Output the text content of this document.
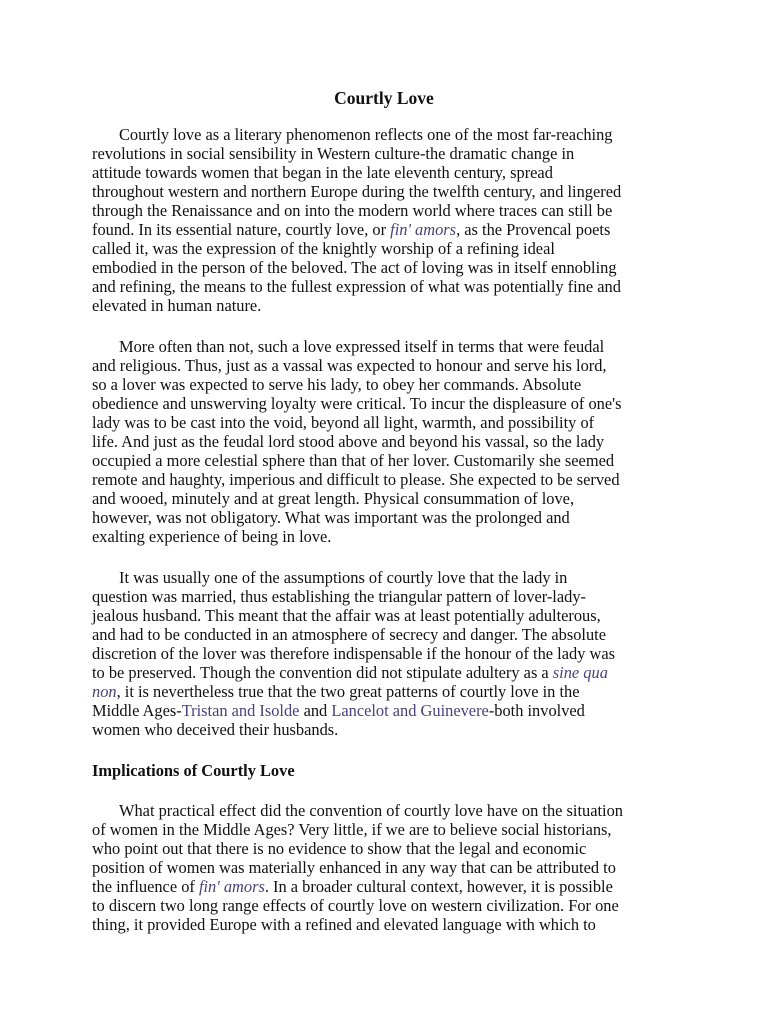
Courtly Love
Courtly love as a literary phenomenon reflects one of the most far-reaching
revolutions in social sensibility in Western culture-the dramatic change in
attitude towards women that began in the late eleventh century, spread
throughout western and northern Europe during the twelfth century, and lingered
through the Renaissance and on into the modern world where traces can still be
found. In its essential nature, courtly love, or fin' amors, as the Provencal poets
called it, was the expression of the knightly worship of a refining ideal
embodied in the person of the beloved. The act of loving was in itself ennobling
and refining, the means to the fullest expression of what was potentially fine and
elevated in human nature.
More often than not, such a love expressed itself in terms that were feudal
and religious. Thus, just as a vassal was expected to honour and serve his lord,
so a lover was expected to serve his lady, to obey her commands. Absolute
obedience and unswerving loyalty were critical. To incur the displeasure of one's
lady was to be cast into the void, beyond all light, warmth, and possibility of
life. And just as the feudal lord stood above and beyond his vassal, so the lady
occupied a more celestial sphere than that of her lover. Customarily she seemed
remote and haughty, imperious and difficult to please. She expected to be served
and wooed, minutely and at great length. Physical consummation of love,
however, was not obligatory. What was important was the prolonged and
exalting experience of being in love.
It was usually one of the assumptions of courtly love that the lady in
question was married, thus establishing the triangular pattern of lover-lady-
jealous husband. This meant that the affair was at least potentially adulterous,
and had to be conducted in an atmosphere of secrecy and danger. The absolute
discretion of the lover was therefore indispensable if the honour of the lady was
to be preserved. Though the convention did not stipulate adultery as a sine qua
non, it is nevertheless true that the two great patterns of courtly love in the
Middle Ages-Tristan and Isolde and Lancelot and Guinevere-both involved
women who deceived their husbands.
Implications of Courtly Love
What practical effect did the convention of courtly love have on the situation
of women in the Middle Ages? Very little, if we are to believe social historians,
who point out that there is no evidence to show that the legal and economic
position of women was materially enhanced in any way that can be attributed to
the influence of fin' amors. In a broader cultural context, however, it is possible
to discern two long range effects of courtly love on western civilization. For one
thing, it provided Europe with a refined and elevated language with which to
